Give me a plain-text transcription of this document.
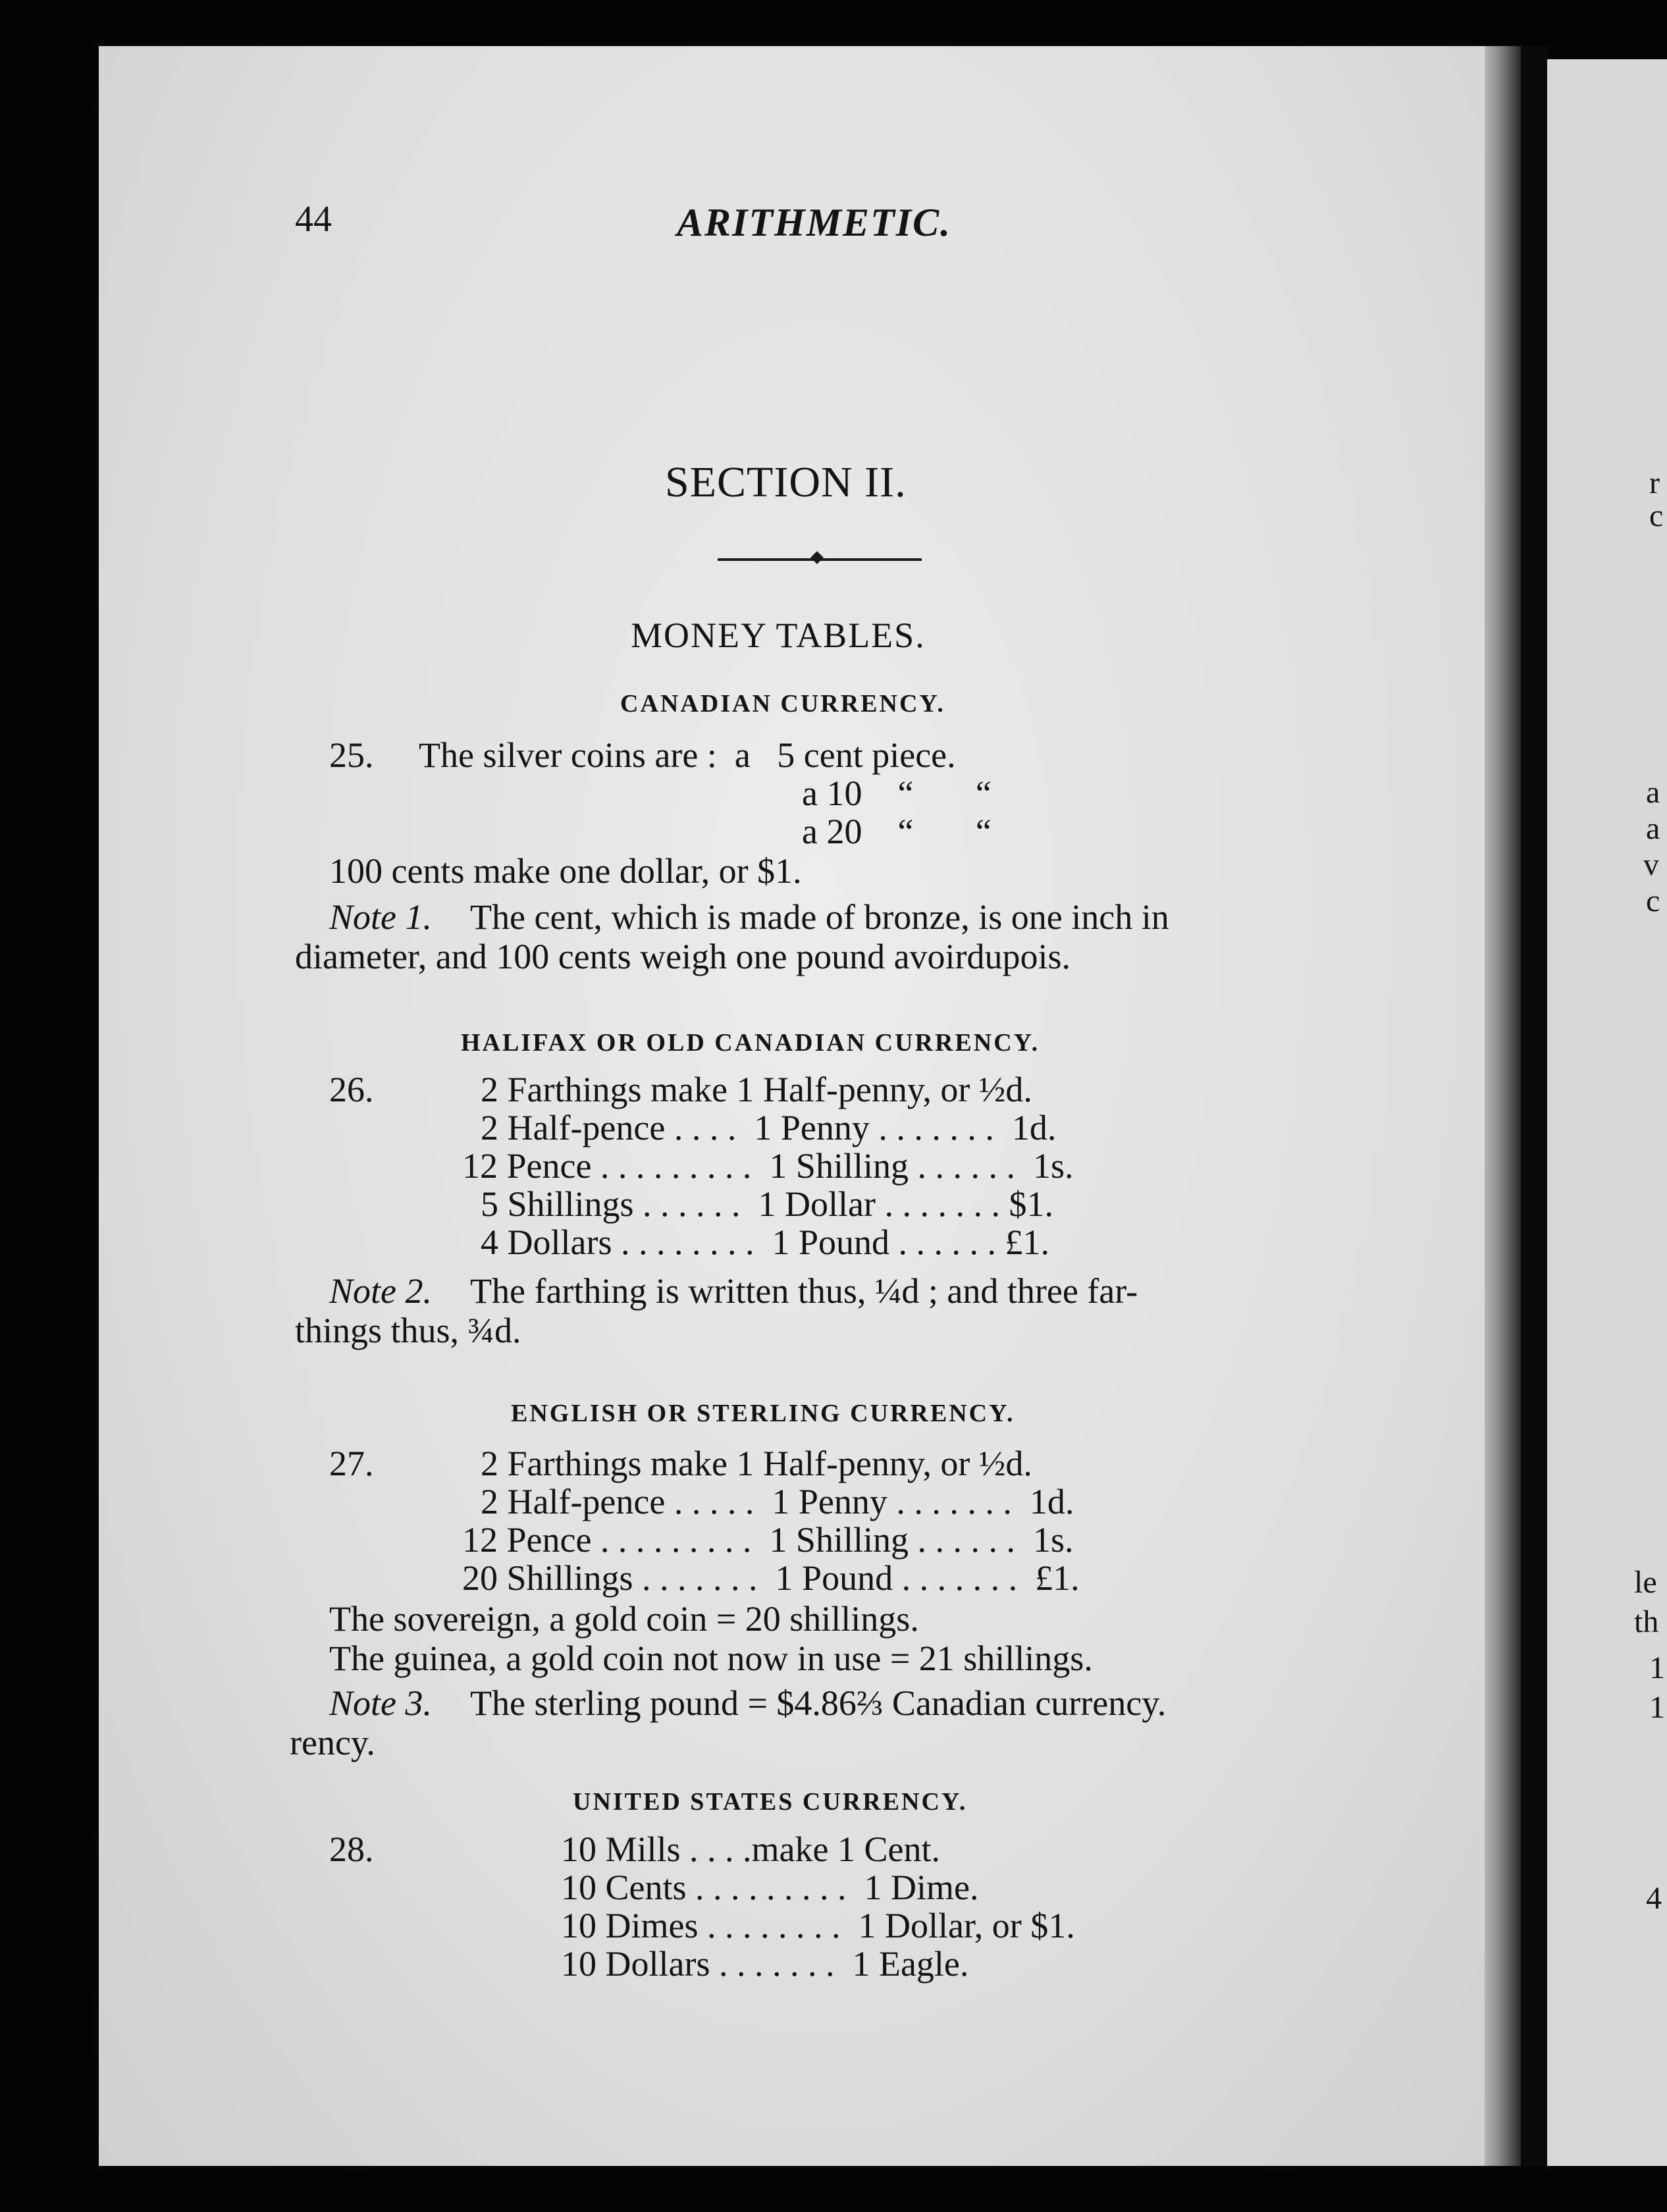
r
c
a
a
v
c
le
th
1
1
4
44	ARITHMETIC.
SECTION II.
MONEY TABLES.
CANADIAN CURRENCY.
25. The silver coins are :  a   5 cent piece.
a 10    “       “
a 20    “       “
100 cents make one dollar, or $1.
Note 1. The cent, which is made of bronze, is one inch in
diameter, and 100 cents weigh one pound avoirdupois.
HALIFAX OR OLD CANADIAN CURRENCY.
26.	2 Farthings make 1 Half-penny, or ½d.
2 Half-pence . . . .  1 Penny . . . . . . .  1d.
12 Pence . . . . . . . . .  1 Shilling . . . . . .  1s.
5 Shillings . . . . . .  1 Dollar . . . . . . . $1.
4 Dollars . . . . . . . .  1 Pound . . . . . . £1.
Note 2. The farthing is written thus, ¼d ; and three far-
things thus, ¾d.
ENGLISH OR STERLING CURRENCY.
27.	2 Farthings make 1 Half-penny, or ½d.
2 Half-pence . . . . .  1 Penny . . . . . . .  1d.
12 Pence . . . . . . . . .  1 Shilling . . . . . .  1s.
20 Shillings . . . . . . .  1 Pound . . . . . . .  £1.
The sovereign, a gold coin = 20 shillings.
The guinea, a gold coin not now in use = 21 shillings.
Note 3. The sterling pound = $4.86⅔ Canadian currency.
rency.
UNITED STATES CURRENCY.
28.	10 Mills . . . .make 1 Cent.
10 Cents . . . . . . . . .  1 Dime.
10 Dimes . . . . . . . .  1 Dollar, or $1.
10 Dollars . . . . . . .  1 Eagle.
